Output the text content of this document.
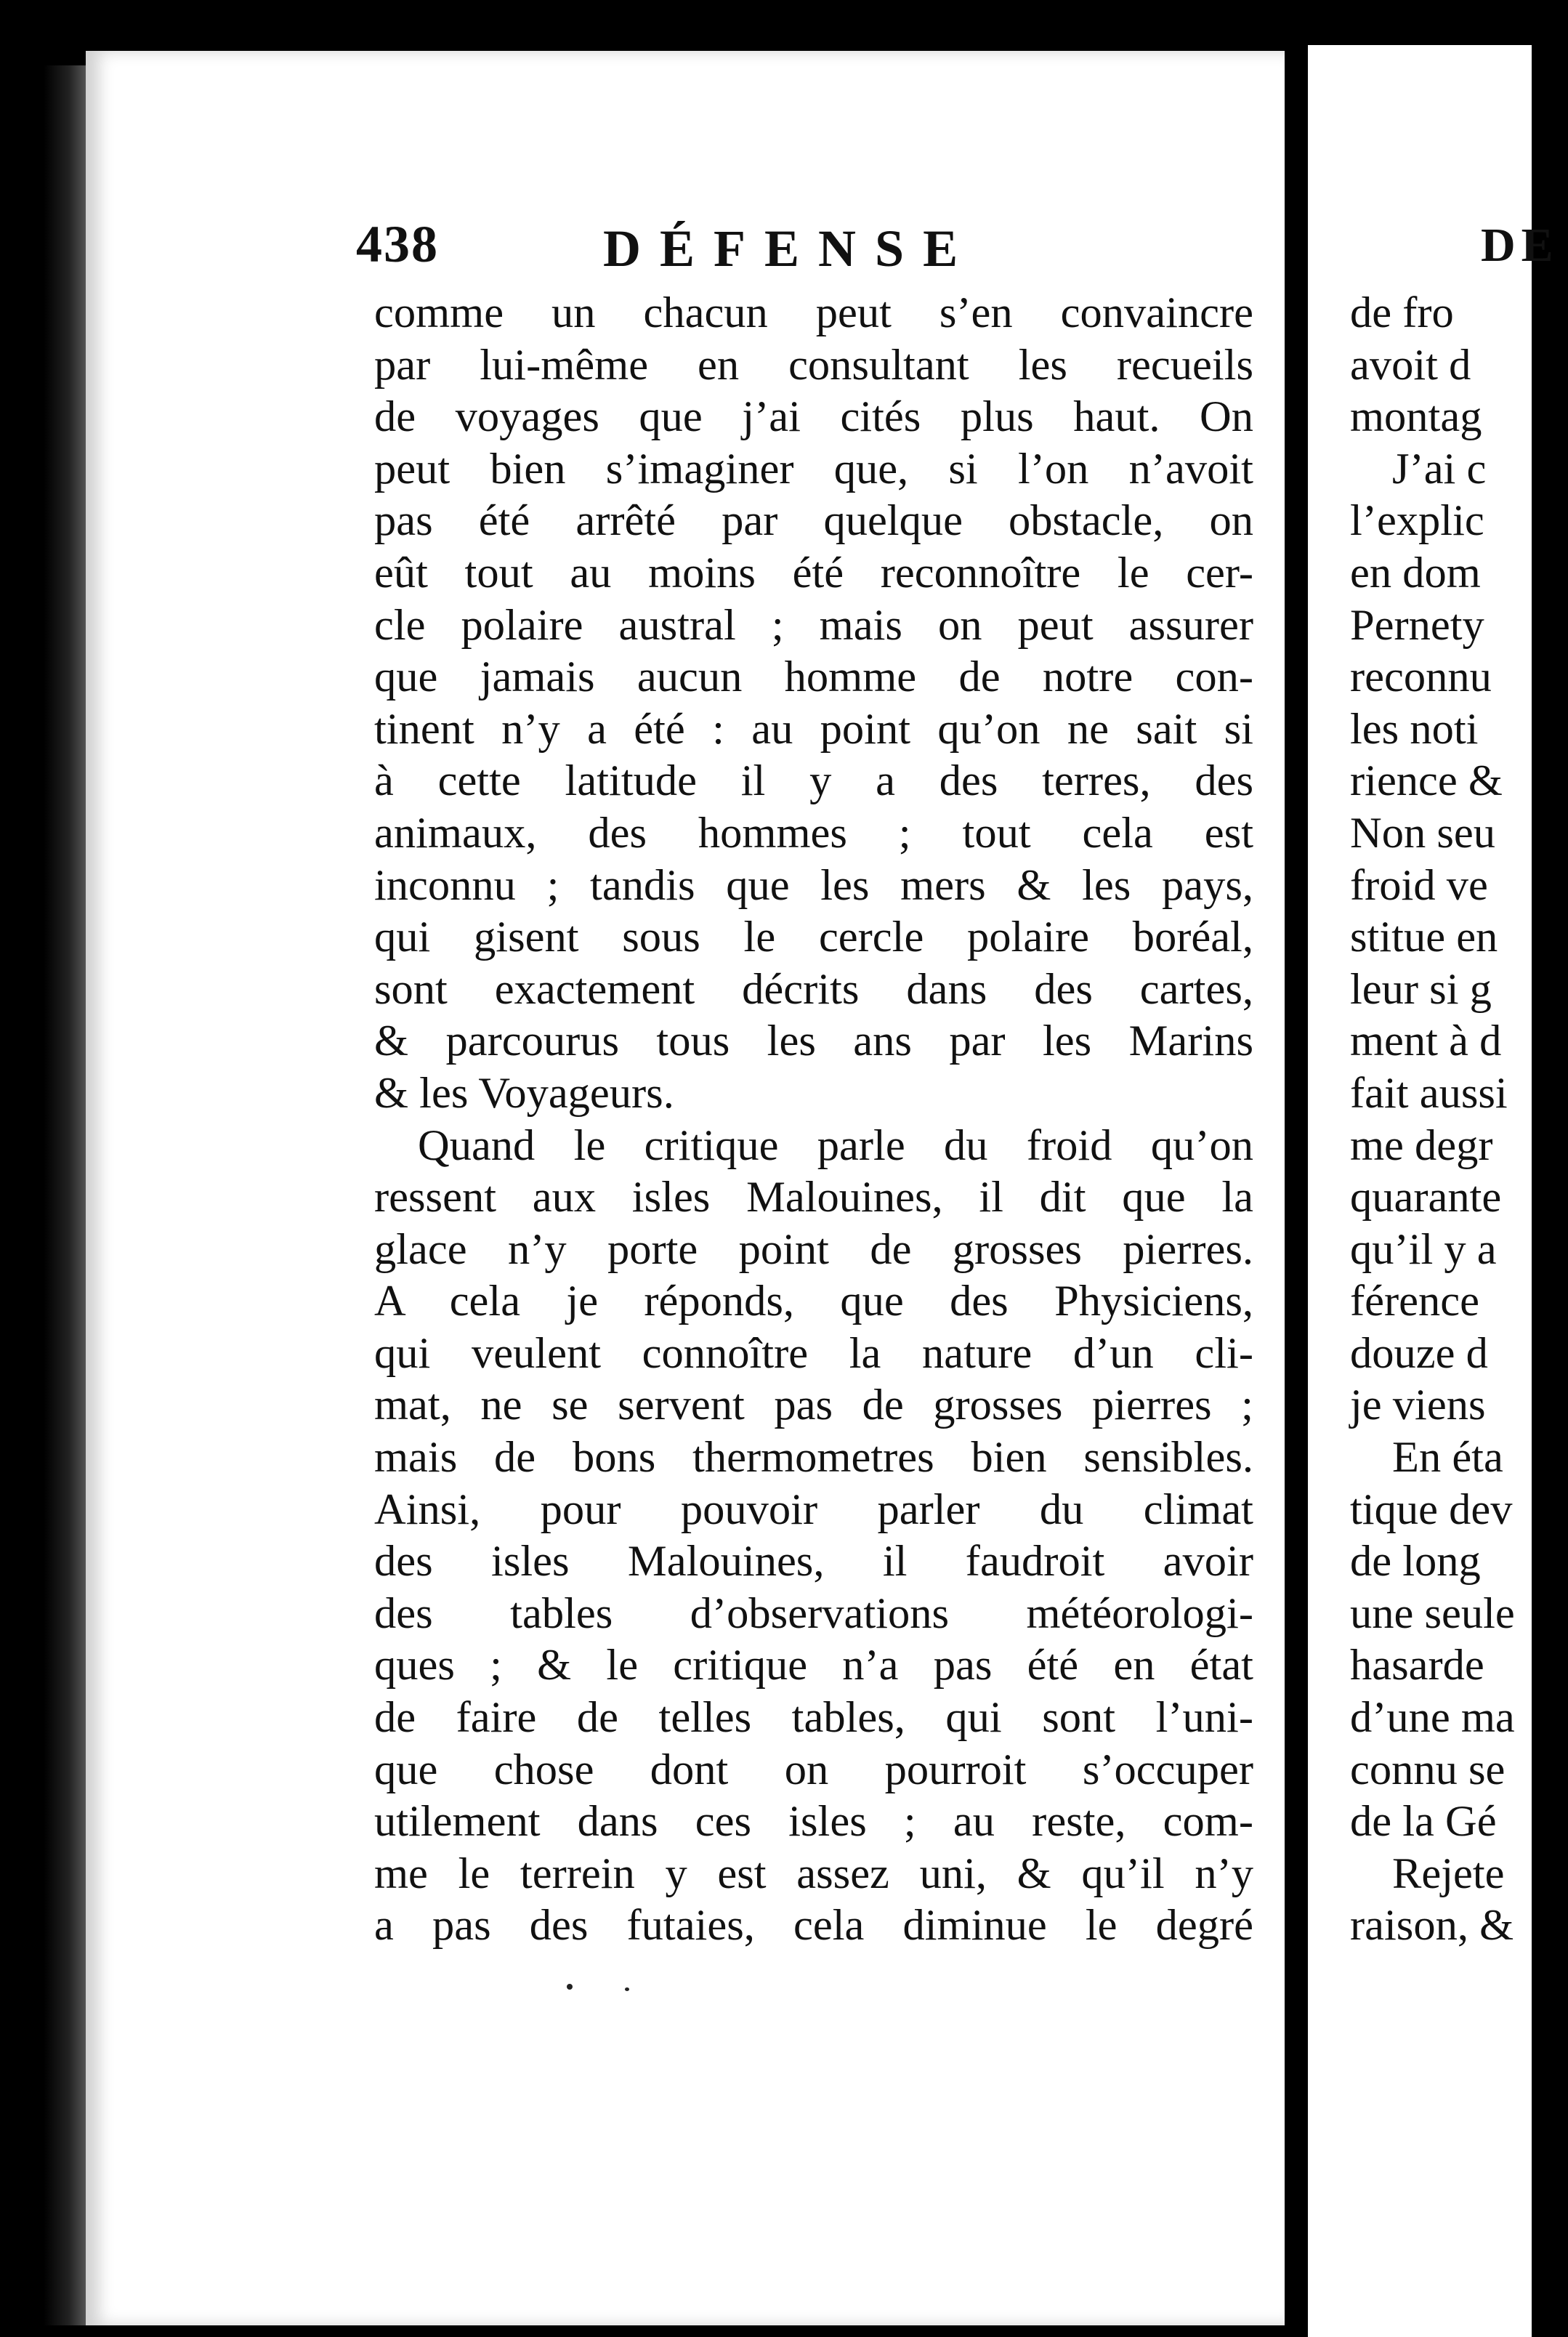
438	DÉFENSE
comme un chacun peut s’en convaincre
par lui-même en consultant les recueils
de voyages que j’ai cités plus haut. On
peut bien s’imaginer que, si l’on n’avoit
pas été arrêté par quelque obstacle, on
eût tout au moins été reconnoître le cer-
cle polaire austral ; mais on peut assurer
que jamais aucun homme de notre con-
tinent n’y a été : au point qu’on ne sait si
à cette latitude il y a des terres, des
animaux, des hommes ; tout cela est
inconnu ; tandis que les mers & les pays,
qui gisent sous le cercle polaire boréal,
sont exactement décrits dans des cartes,
& parcourus tous les ans par les Marins
& les Voyageurs.
Quand le critique parle du froid qu’on
ressent aux isles Malouines, il dit que la
glace n’y porte point de grosses pierres.
A cela je réponds, que des Physiciens,
qui veulent connoître la nature d’un cli-
mat, ne se servent pas de grosses pierres ;
mais de bons thermometres bien sensibles.
Ainsi, pour pouvoir parler du climat
des isles Malouines, il faudroit avoir
des tables d’observations météorologi-
ques ; & le critique n’a pas été en état
de faire de telles tables, qui sont l’uni-
que chose dont on pourroit s’occuper
utilement dans ces isles ; au reste, com-
me le terrein y est assez uni, & qu’il n’y
a pas des futaies, cela diminue le degré
DE
de fro
avoit d
montag
J’ai c
l’explic
en dom
Pernety
reconnu
les noti
rience &
Non seu
froid ve
stitue en
leur si g
ment à d
fait aussi
me degr
quarante
qu’il y a
férence
douze d
je viens
En éta
tique dev
de long
une seule
hasarde
d’une ma
connu se
de la Gé
Rejete
raison, &
